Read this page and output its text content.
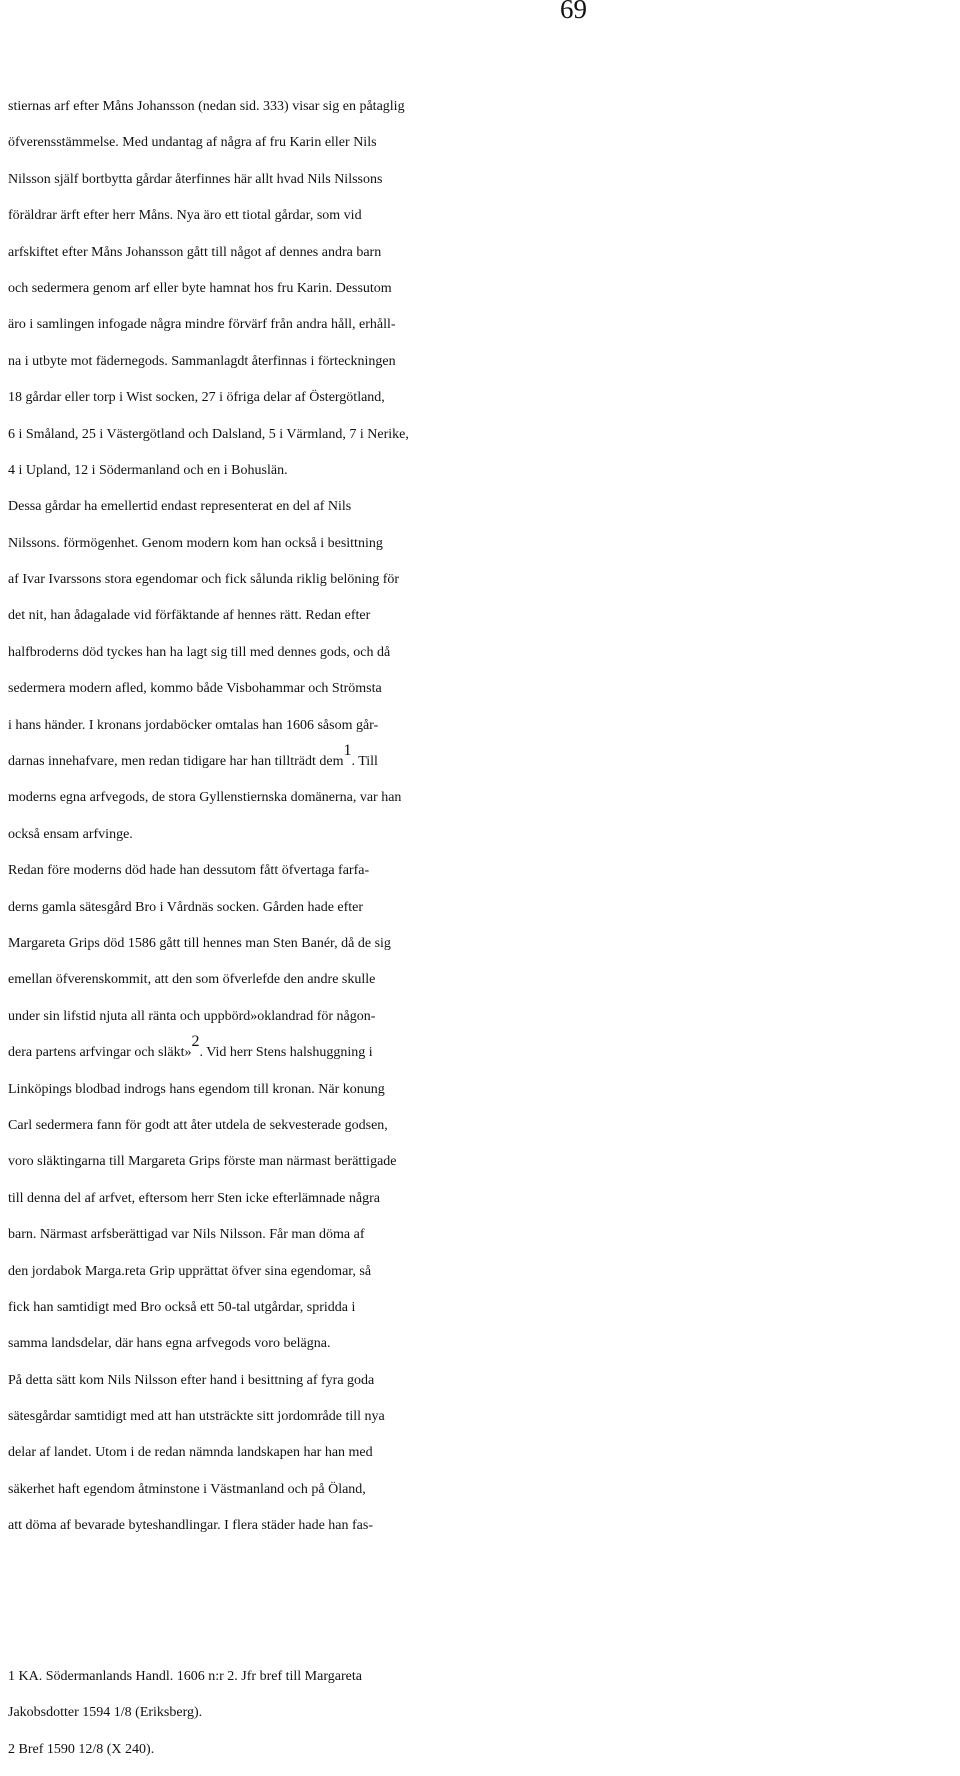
69
stiernas arf efter Måns Johansson (nedan sid. 333) visar sig en påtaglig
öfverensstämmelse. Med undantag af några af fru Karin eller Nils
Nilsson själf bortbytta gårdar återfinnes här allt hvad Nils Nilssons
föräldrar ärft efter herr Måns. Nya äro ett tiotal gårdar, som vid
arfskiftet efter Måns Johansson gått till något af dennes andra barn
och sedermera genom arf eller byte hamnat hos fru Karin. Dessutom
äro i samlingen infogade några mindre förvärf från andra håll, erhåll-
na i utbyte mot fädernegods. Sammanlagdt återfinnas i förteckningen
18 gårdar eller torp i Wist socken, 27 i öfriga delar af Östergötland,
6 i Småland, 25 i Västergötland och Dalsland, 5 i Värmland, 7 i Nerike,
4 i Upland, 12 i Södermanland och en i Bohuslän.
Dessa gårdar ha emellertid endast representerat en del af Nils
Nilssons. förmögenhet. Genom modern kom han också i besittning
af Ivar Ivarssons stora egendomar och fick sålunda riklig belöning för
det nit, han ådagalade vid förfäktande af hennes rätt. Redan efter
halfbroderns död tyckes han ha lagt sig till med dennes gods, och då
sedermera modern afled, kommo både Visbohammar och Strömsta
i hans händer. I kronans jordaböcker omtalas han 1606 såsom går-
darnas innehafvare, men redan tidigare har han tillträdt dem$^1$. Till
moderns egna arfvegods, de stora Gyllenstiernska domänerna, var han
också ensam arfvinge.
Redan före moderns död hade han dessutom fått öfvertaga farfa-
derns gamla sätesgård Bro i Vårdnäs socken. Gården hade efter
Margareta Grips död 1586 gått till hennes man Sten Banér, då de sig
emellan öfverenskommit, att den som öfverlefde den andre skulle
under sin lifstid njuta all ränta och uppbörd»oklandrad för någon-
dera partens arfvingar och släkt»$^2$. Vid herr Stens halshuggning i
Linköpings blodbad indrogs hans egendom till kronan. När konung
Carl sedermera fann för godt att åter utdela de sekvesterade godsen,
voro släktingarna till Margareta Grips förste man närmast berättigade
till denna del af arfvet, eftersom herr Sten icke efterlämnade några
barn. Närmast arfsberättigad var Nils Nilsson. Får man döma af
den jordabok Marga.reta Grip upprättat öfver sina egendomar, så
fick han samtidigt med Bro också ett 50-tal utgårdar, spridda i
samma landsdelar, där hans egna arfvegods voro belägna.
På detta sätt kom Nils Nilsson efter hand i besittning af fyra goda
sätesgårdar samtidigt med att han utsträckte sitt jordområde till nya
delar af landet. Utom i de redan nämnda landskapen har han med
säkerhet haft egendom åtminstone i Västmanland och på Öland,
att döma af bevarade byteshandlingar. I flera städer hade han fas-
1 KA. Södermanlands Handl. 1606 n:r 2. Jfr bref till Margareta
Jakobsdotter 1594 1/8 (Eriksberg).
2 Bref 1590 12/8 (X 240).
